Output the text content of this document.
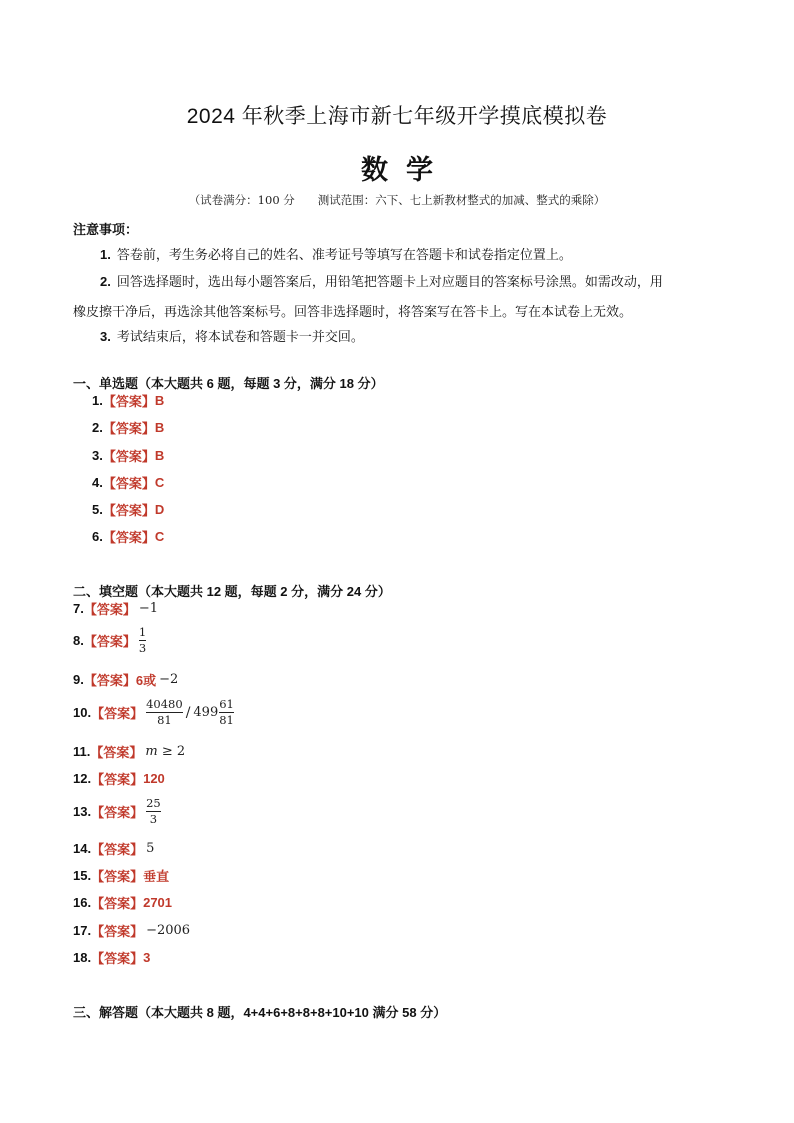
2024 年秋季上海市新七年级开学摸底模拟卷
数学
（试卷满分：100 分　　测试范围：六下、七上新教材整式的加减、整式的乘除）
注意事项：
1. 答卷前，考生务必将自己的姓名、准考证号等填写在答题卡和试卷指定位置上。
2. 回答选择题时，选出每小题答案后，用铅笔把答题卡上对应题目的答案标号涂黑。如需改动，用
橡皮擦干净后，再选涂其他答案标号。回答非选择题时，将答案写在答卡上。写在本试卷上无效。
3. 考试结束后，将本试卷和答题卡一并交回。
一、单选题（本大题共 6 题，每题 3 分，满分 18 分）
1. 【答案】 B
2. 【答案】 B
3. 【答案】 B
4. 【答案】 C
5. 【答案】 D
6. 【答案】 C
二、填空题（本大题共 12 题，每题 2 分，满分 24 分）
7. 【答案】 −1
8. 【答案】 $\frac{1}{3}$
9. 【答案】 6或 −2
10. 【答案】 $\frac{40480}{81} / 499 \frac{61}{81}$
11. 【答案】 m ≥ 2
12. 【答案】 120
13. 【答案】 $\frac{25}{3}$
14. 【答案】 5
15. 【答案】 垂直
16. 【答案】 2701
17. 【答案】 −2006
18. 【答案】 3
三、解答题（本大题共 8 题，4+4+6+8+8+8+10+10 满分 58 分）
